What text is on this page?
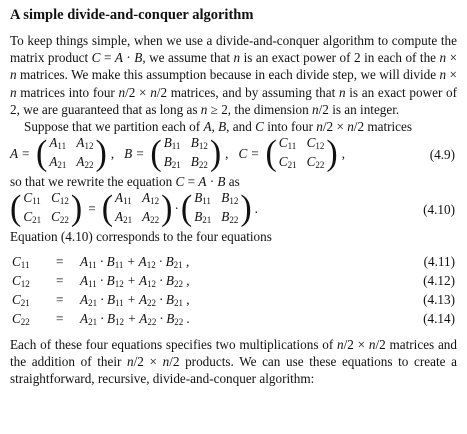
A simple divide-and-conquer algorithm

To keep things simple, when we use a divide-and-conquer algorithm to compute the matrix product C = A · B, we assume that n is an exact power of 2 in each of the n × n matrices. We make this assumption because in each divide step, we will divide n × n matrices into four n/2 × n/2 matrices, and by assuming that n is an exact power of 2, we are guaranteed that as long as n ≥ 2, the dimension n/2 is an integer.

Suppose that we partition each of A, B, and C into four n/2 × n/2 matrices

A = ( $A_{11}$ $A_{12}$
$A_{21}$ $A_{22}$ ) , B = ( $B_{11}$ $B_{12}$
$B_{21}$ $B_{22}$ ) , C = ( $C_{11}$ $C_{12}$
$C_{21}$ $C_{22}$ ) ,	(4.9)

so that we rewrite the equation C = A · B as

( $C_{11}$ $C_{12}$
$C_{21}$ $C_{22}$ ) = ( $A_{11}$ $A_{12}$
$A_{21}$ $A_{22}$ ) · ( $B_{11}$ $B_{12}$
$B_{21}$ $B_{22}$ ) .	(4.10)

Equation (4.10) corresponds to the four equations

$C_{11} = A_{11} \cdot B_{11} + A_{12} \cdot B_{21}$ ,	(4.11)
$C_{12} = A_{11} \cdot B_{12} + A_{12} \cdot B_{22}$ ,	(4.12)
$C_{21} = A_{21} \cdot B_{11} + A_{22} \cdot B_{21}$ ,	(4.13)
$C_{22} = A_{21} \cdot B_{12} + A_{22} \cdot B_{22}$ .	(4.14)

Each of these four equations specifies two multiplications of n/2 × n/2 matrices and the addition of their n/2 × n/2 products. We can use these equations to create a straightforward, recursive, divide-and-conquer algorithm:
